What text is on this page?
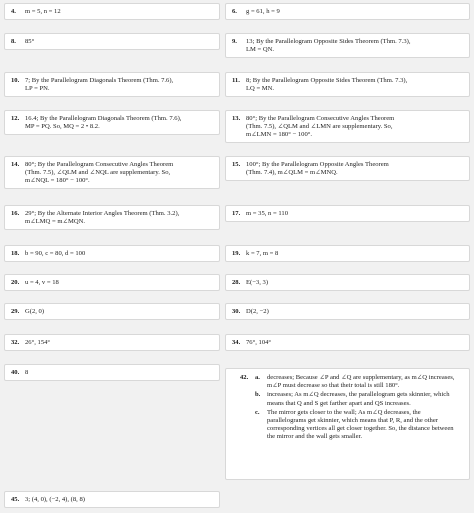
4. m = 5, n = 12	6. g = 61, h = 9
8. 85°	9. 13; By the Parallelogram Opposite Sides Theorem (Thm. 7.3),
LM = QN.
10. 7; By the Parallelogram Diagonals Theorem (Thm. 7.6),
LP = PN.
11. 8; By the Parallelogram Opposite Sides Theorem (Thm. 7.3),
LQ = MN.
12. 16.4; By the Parallelogram Diagonals Theorem (Thm. 7.6),
MP = PQ. So, MQ = 2 • 8.2.
13. 80°; By the Parallelogram Consecutive Angles Theorem
(Thm. 7.5), ∠QLM and ∠LMN are supplementary. So,
m∠LMN = 180° − 100°.
14. 80°; By the Parallelogram Consecutive Angles Theorem
(Thm. 7.5), ∠QLM and ∠NQL are supplementary. So,
m∠NQL = 180° − 100°.
15. 100°; By the Parallelogram Opposite Angles Theorem
(Thm. 7.4), m∠QLM = m∠MNQ.
16. 29°; By the Alternate Interior Angles Theorem (Thm. 3.2),
m∠LMQ = m∠MQN.
17. m = 35, n = 110
18. b = 90, c = 80, d = 100	19. k = 7, m = 8
20. u = 4, v = 18	28. E(−3, 3)
29. G(2, 0)	30. D(2, −2)
32. 26°, 154°	34. 76°, 104°
40. 8
42.	a.	decreases; Because ∠P and ∠Q are supplementary, as m∠Q increases, m∠P must decrease so that their total is still 180°.
b.	increases; As m∠Q decreases, the parallelogram gets skinnier, which means that Q and S get farther apart and QS increases.
c.	The mirror gets closer to the wall; As m∠Q decreases, the parallelograms get skinnier, which means that P, R, and the other corresponding vertices all get closer together. So, the distance between the mirror and the wall gets smaller.
45. 3; (4, 0), (−2, 4), (8, 8)
